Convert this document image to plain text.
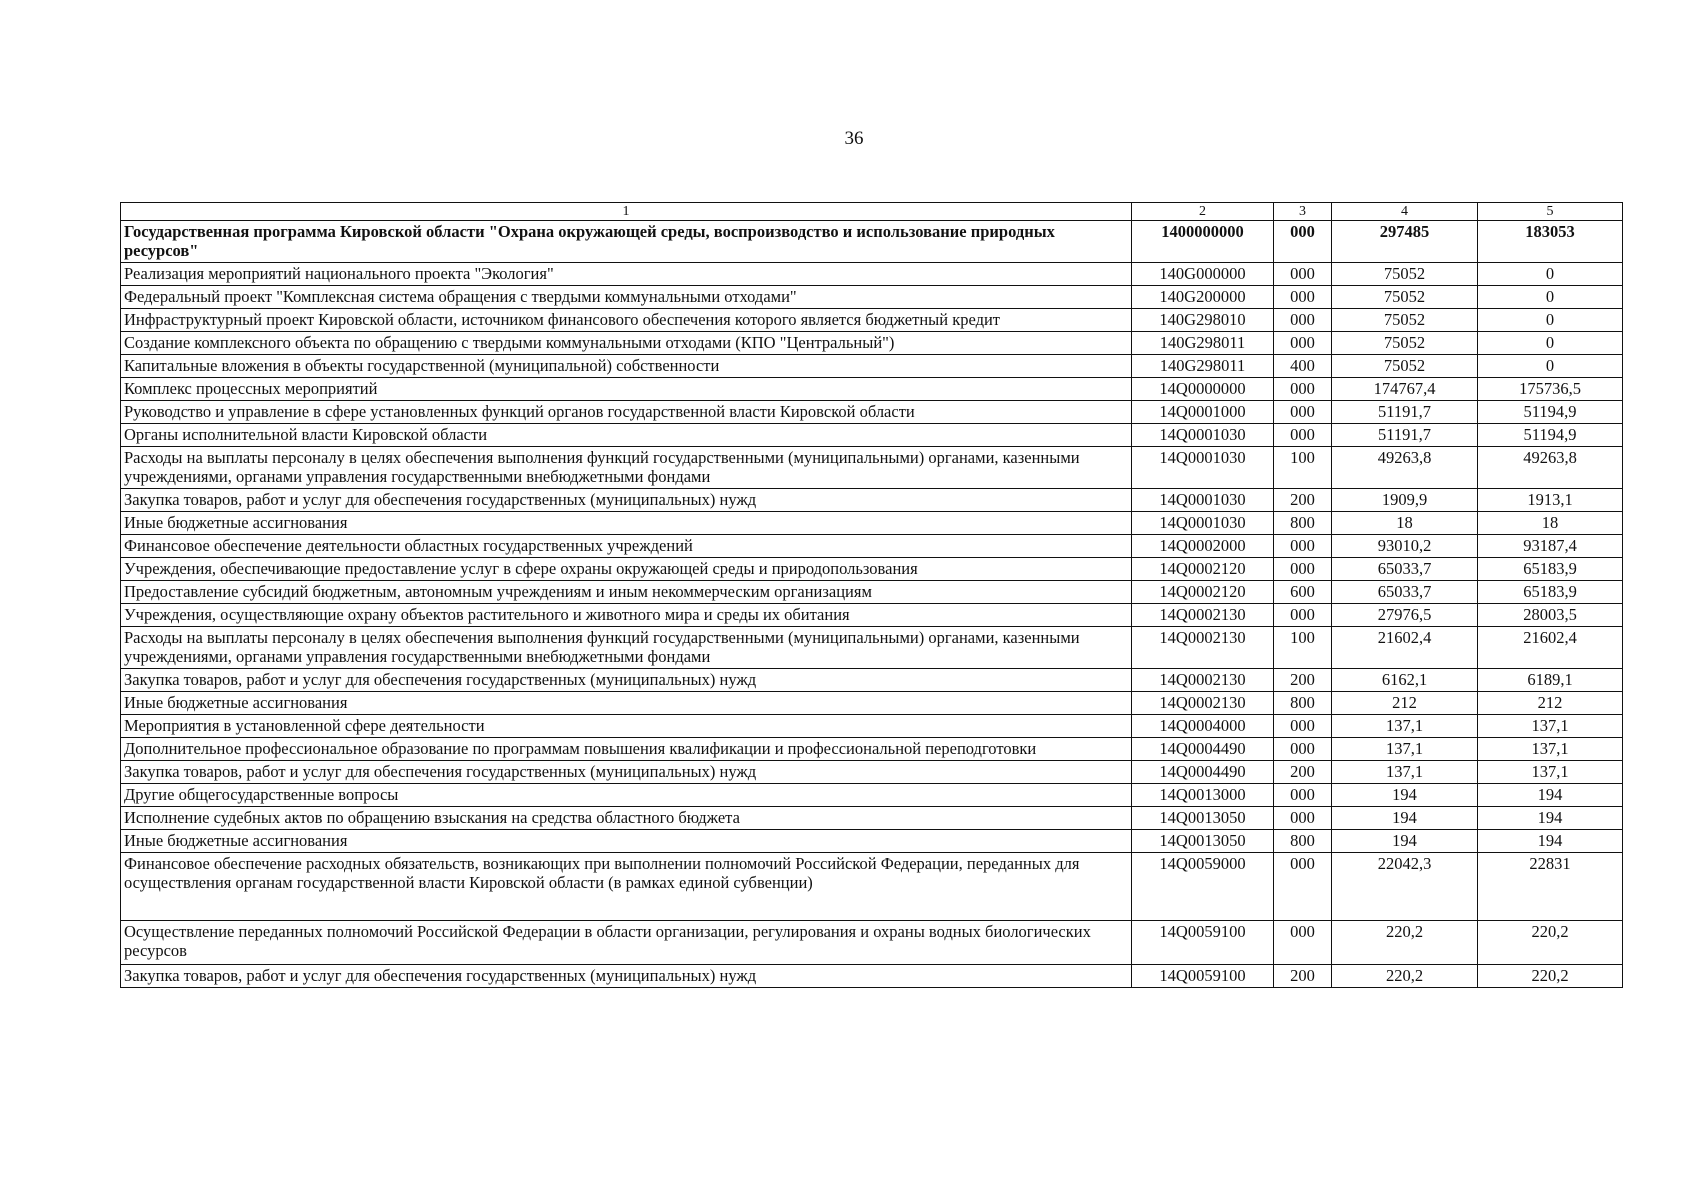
36
1	2	3	4	5
Государственная программа Кировской области "Охрана окружающей среды, воспроизводство и использование природных ресурсов"	1400000000	000	297485	183053
Реализация мероприятий национального проекта "Экология"	140G000000	000	75052	0
Федеральный проект "Комплексная система обращения с твердыми коммунальными отходами"	140G200000	000	75052	0
Инфраструктурный проект Кировской области, источником финансового обеспечения которого является бюджетный кредит	140G298010	000	75052	0
Создание комплексного объекта по обращению с твердыми коммунальными отходами (КПО "Центральный")	140G298011	000	75052	0
Капитальные вложения в объекты государственной (муниципальной) собственности	140G298011	400	75052	0
Комплекс процессных мероприятий	14Q0000000	000	174767,4	175736,5
Руководство и управление в сфере установленных функций органов государственной власти Кировской области	14Q0001000	000	51191,7	51194,9
Органы исполнительной власти Кировской области	14Q0001030	000	51191,7	51194,9
Расходы на выплаты персоналу в целях обеспечения выполнения функций государственными (муниципальными) органами, казенными учреждениями, органами управления государственными внебюджетными фондами	14Q0001030	100	49263,8	49263,8
Закупка товаров, работ и услуг для обеспечения государственных (муниципальных) нужд	14Q0001030	200	1909,9	1913,1
Иные бюджетные ассигнования	14Q0001030	800	18	18
Финансовое обеспечение деятельности областных государственных учреждений	14Q0002000	000	93010,2	93187,4
Учреждения, обеспечивающие предоставление услуг в сфере охраны окружающей среды и природопользования	14Q0002120	000	65033,7	65183,9
Предоставление субсидий бюджетным, автономным учреждениям и иным некоммерческим организациям	14Q0002120	600	65033,7	65183,9
Учреждения, осуществляющие охрану объектов растительного и животного мира и среды их обитания	14Q0002130	000	27976,5	28003,5
Расходы на выплаты персоналу в целях обеспечения выполнения функций государственными (муниципальными) органами, казенными учреждениями, органами управления государственными внебюджетными фондами	14Q0002130	100	21602,4	21602,4
Закупка товаров, работ и услуг для обеспечения государственных (муниципальных) нужд	14Q0002130	200	6162,1	6189,1
Иные бюджетные ассигнования	14Q0002130	800	212	212
Мероприятия в установленной сфере деятельности	14Q0004000	000	137,1	137,1
Дополнительное профессиональное образование по программам повышения квалификации и профессиональной переподготовки	14Q0004490	000	137,1	137,1
Закупка товаров, работ и услуг для обеспечения государственных (муниципальных) нужд	14Q0004490	200	137,1	137,1
Другие общегосударственные вопросы	14Q0013000	000	194	194
Исполнение судебных актов по обращению взыскания на средства областного бюджета	14Q0013050	000	194	194
Иные бюджетные ассигнования	14Q0013050	800	194	194
Финансовое обеспечение расходных обязательств, возникающих при выполнении полномочий Российской Федерации, переданных для осуществления органам государственной власти Кировской области (в рамках единой субвенции)	14Q0059000	000	22042,3	22831
Осуществление переданных полномочий Российской Федерации в области организации, регулирования и охраны водных биологических ресурсов	14Q0059100	000	220,2	220,2
Закупка товаров, работ и услуг для обеспечения государственных (муниципальных) нужд	14Q0059100	200	220,2	220,2
